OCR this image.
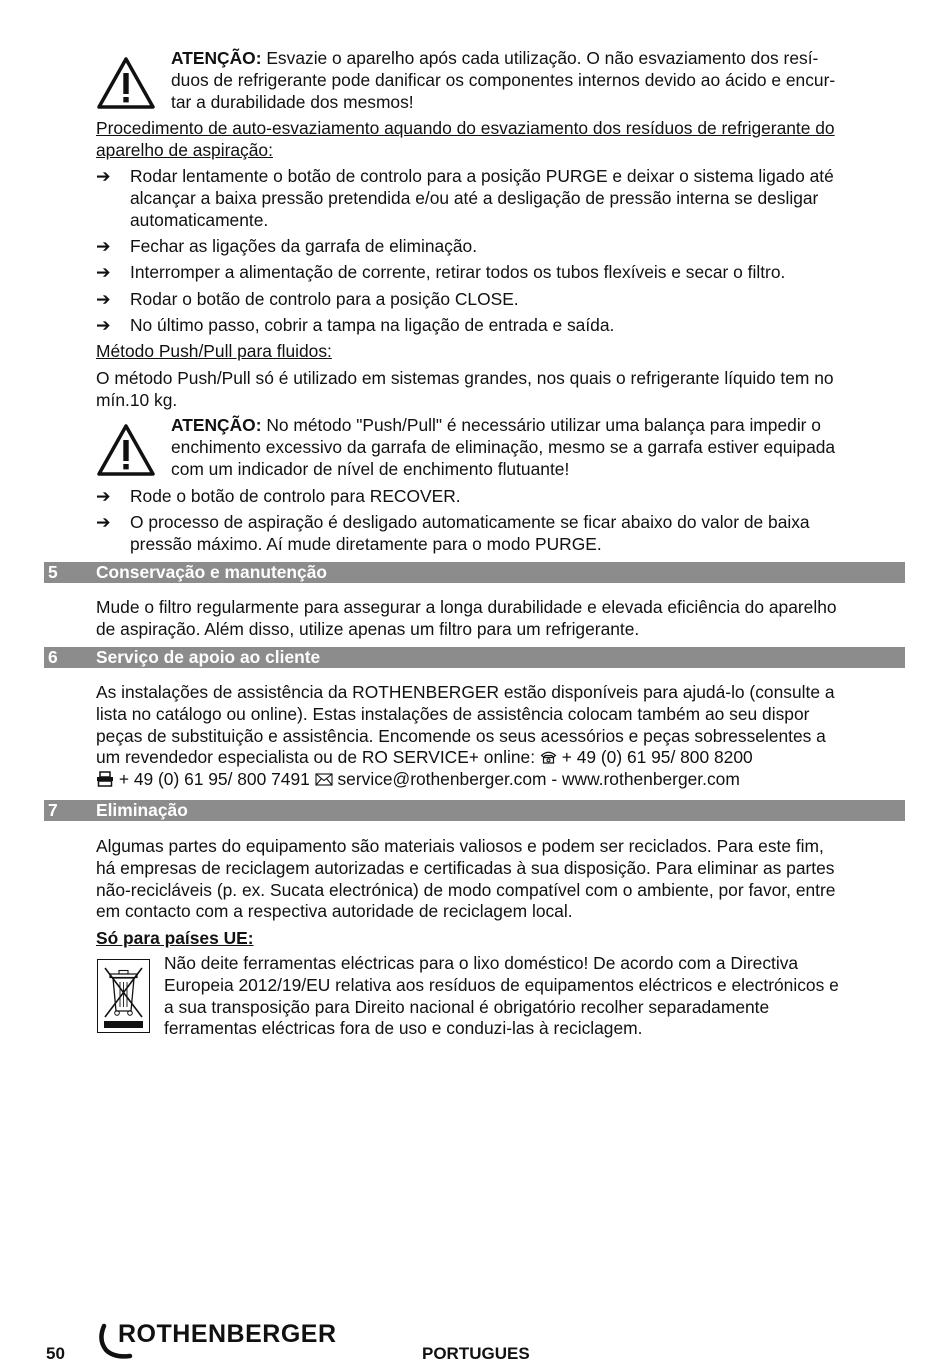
ATENÇÃO: Esvazie o aparelho após cada utilização. O não esvaziamento dos resí-

duos de refrigerante pode danificar os componentes internos devido ao ácido e encur-

tar a durabilidade dos mesmos!

Procedimento de auto-esvaziamento aquando do esvaziamento dos resíduos de refrigerante do

aparelho de aspiração:

➔	Rodar lentamente o botão de controlo para a posição PURGE e deixar o sistema ligado até

alcançar a baixa pressão pretendida e/ou até a desligação de pressão interna se desligar

automaticamente.

➔	Fechar as ligações da garrafa de eliminação.

➔	Interromper a alimentação de corrente, retirar todos os tubos flexíveis e secar o filtro.

➔	Rodar o botão de controlo para a posição CLOSE.

➔	No último passo, cobrir a tampa na ligação de entrada e saída.

Método Push/Pull para fluidos:

O método Push/Pull só é utilizado em sistemas grandes, nos quais o refrigerante líquido tem no

mín.10 kg.

ATENÇÃO: No método "Push/Pull" é necessário utilizar uma balança para impedir o

enchimento excessivo da garrafa de eliminação, mesmo se a garrafa estiver equipada

com um indicador de nível de enchimento flutuante!

➔	Rode o botão de controlo para RECOVER.

➔	O processo de aspiração é desligado automaticamente se ficar abaixo do valor de baixa

pressão máximo. Aí mude diretamente para o modo PURGE.

5 Conservação e manutenção

Mude o filtro regularmente para assegurar a longa durabilidade e elevada eficiência do aparelho

de aspiração. Além disso, utilize apenas um filtro para um refrigerante.

6 Serviço de apoio ao cliente

As instalações de assistência da ROTHENBERGER estão disponíveis para ajudá-lo (consulte a

lista no catálogo ou online). Estas instalações de assistência colocam também ao seu dispor

peças de substituição e assistência. Encomende os seus acessórios e peças sobresselentes a

um revendedor especialista ou de RO SERVICE+ online:  + 49 (0) 61 95/ 800 8200

+ 49 (0) 61 95/ 800 7491  service@rothenberger.com - www.rothenberger.com

7 Eliminação

Algumas partes do equipamento são materiais valiosos e podem ser reciclados. Para este fim,

há empresas de reciclagem autorizadas e certificadas à sua disposição. Para eliminar as partes

não-recicláveis (p. ex. Sucata electrónica) de modo compatível com o ambiente, por favor, entre

em contacto com a respectiva autoridade de reciclagem local.

Só para países UE:

Não deite ferramentas eléctricas para o lixo doméstico! De acordo com a Directiva

Europeia 2012/19/EU relativa aos resíduos de equipamentos eléctricos e electrónicos e

a sua transposição para Direito nacional é obrigatório recolher separadamente

ferramentas eléctricas fora de uso e conduzi-las à reciclagem.

50
ROTHENBERGER
PORTUGUES
